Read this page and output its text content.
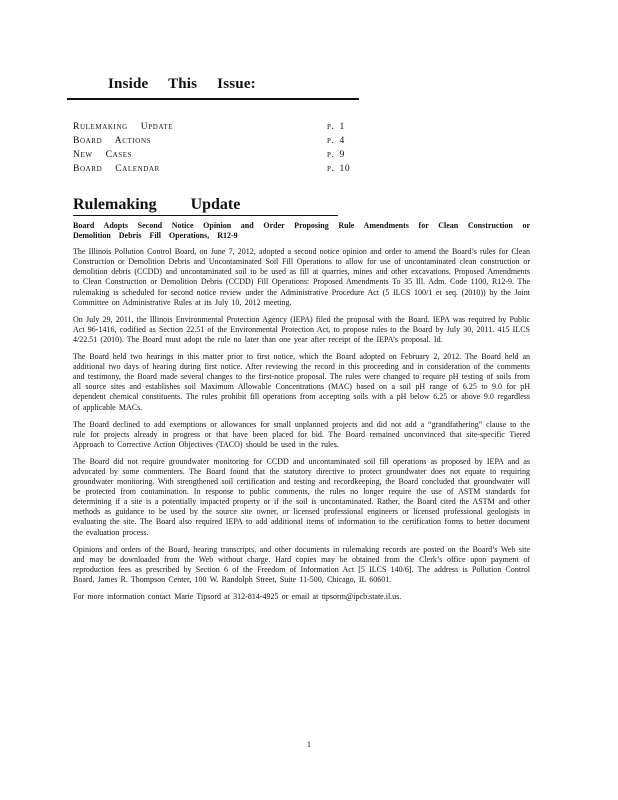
Inside This Issue:
Rulemaking Update	p. 1
Board Actions	p. 4
New Cases	p. 9
Board Calendar	p. 10
Rulemaking Update
Board Adopts Second Notice Opinion and Order Proposing Rule Amendments for Clean Construction or Demolition Debris Fill Operations, R12-9

The Illinois Pollution Control Board, on June 7, 2012, adopted a second notice opinion and order to amend the Board’s rules for Clean Construction or Demolition Debris and Uncontaminated Soil Fill Operations to allow for use of uncontaminated clean construction or demolition debris (CCDD) and uncontaminated soil to be used as fill at quarries, mines and other excavations. Proposed Amendments to Clean Construction or Demolition Debris (CCDD) Fill Operations: Proposed Amendments To 35 Ill. Adm. Code 1100, R12-9. The rulemaking is scheduled for second notice review under the Administrative Procedure Act (5 ILCS 100/1 et seq. (2010)) by the Joint Committee on Administrative Rules at its July 10, 2012 meeting.

On July 29, 2011, the Illinois Environmental Protection Agency (IEPA) filed the proposal with the Board. IEPA was required by Public Act 96-1416, codified as Section 22.51 of the Environmental Protection Act, to propose rules to the Board by July 30, 2011. 415 ILCS 4/22.51 (2010). The Board must adopt the rule no later than one year after receipt of the IEPA’s proposal. Id.

The Board held two hearings in this matter prior to first notice, which the Board adopted on February 2, 2012. The Board held an additional two days of hearing during first notice. After reviewing the record in this proceeding and in consideration of the comments and testimony, the Board made several changes to the first-notice proposal. The rules were changed to require pH testing of soils from all source sites and establishes soil Maximum Allowable Concentrations (MAC) based on a soil pH range of 6.25 to 9.0 for pH dependent chemical constituents. The rules prohibit fill operations from accepting soils with a pH below 6.25 or above 9.0 regardless of applicable MACs.

The Board declined to add exemptions or allowances for small unplanned projects and did not add a “grandfathering” clause to the rule for projects already in progress or that have been placed for bid. The Board remained unconvinced that site-specific Tiered Approach to Corrective Action Objectives (TACO) should be used in the rules.

The Board did not require groundwater monitoring for CCDD and uncontaminated soil fill operations as proposed by IEPA and as advocated by some commenters. The Board found that the statutory directive to protect groundwater does not equate to requiring groundwater monitoring. With strengthened soil certification and testing and recordkeeping, the Board concluded that groundwater will be protected from contamination. In response to public comments, the rules no longer require the use of ASTM standards for determining if a site is a potentially impacted property or if the soil is uncontaminated. Rather, the Board cited the ASTM and other methods as guidance to be used by the source site owner, or licensed professional engineers or licensed professional geologists in evaluating the site. The Board also required IEPA to add additional items of information to the certification forms to better document the evaluation process.

Opinions and orders of the Board, hearing transcripts, and other documents in rulemaking records are posted on the Board’s Web site and may be downloaded from the Web without charge. Hard copies may be obtained from the Clerk’s office upon payment of reproduction fees as prescribed by Section 6 of the Freedom of Information Act [5 ILCS 140/6]. The address is Pollution Control Board, James R. Thompson Center, 100 W. Randolph Street, Suite 11-500, Chicago, IL 60601.

For more information contact Marie Tipsord at 312-814-4925 or email at tipsorm@ipcb.state.il.us.

1
